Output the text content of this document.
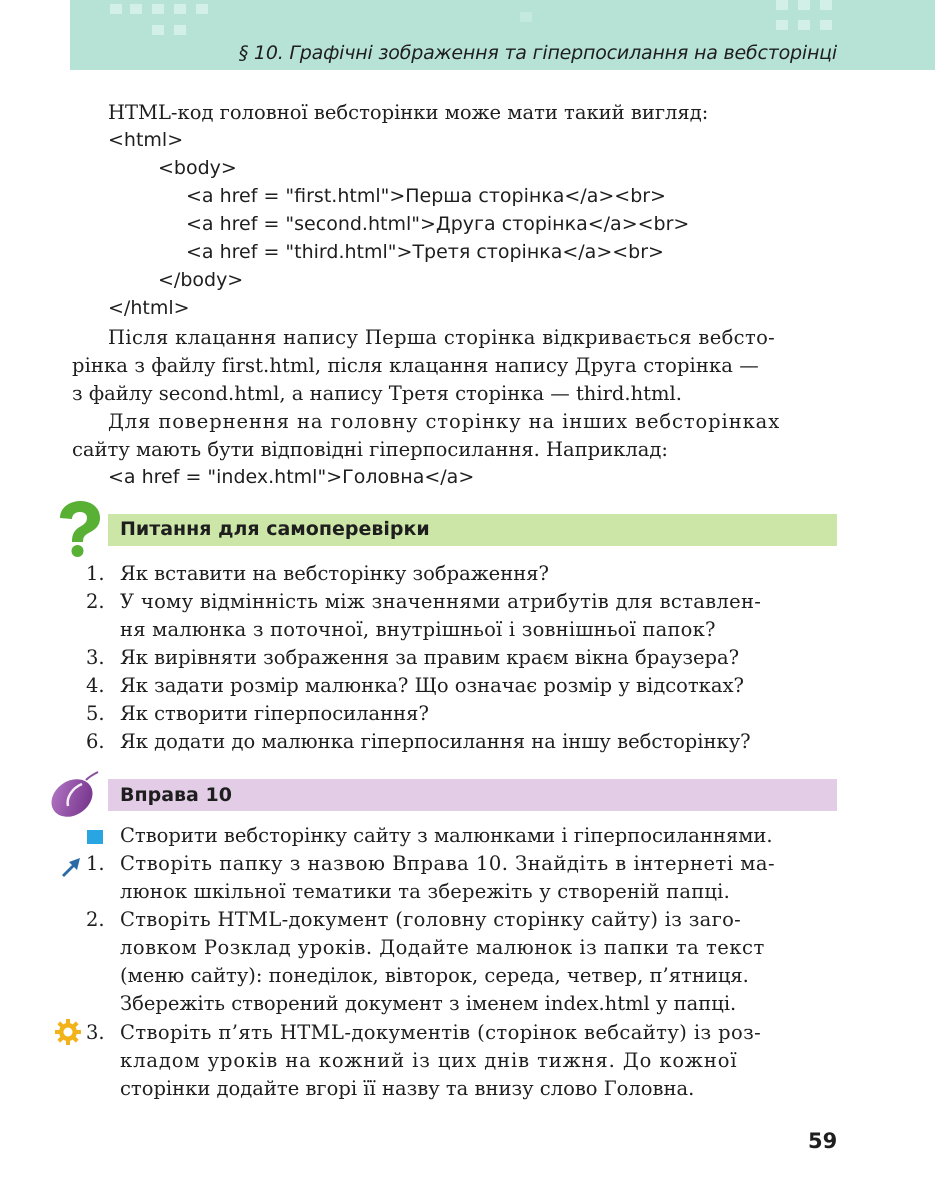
§ 10. Графічні зображення та гіперпосилання на вебсторінці
HTML-код головної вебсторінки може мати такий вигляд:
<html>
<body>
<a href = "first.html">Перша сторінка</a><br>
<a href = "second.html">Друга сторінка</a><br>
<a href = "third.html">Третя сторінка</a><br>
</body>
</html>
Після клацання напису Перша сторінка відкривається вебсто-
рінка з файлу first.html, після клацання напису Друга сторінка —
з файлу second.html, а напису Третя сторінка — third.html.
Для повернення на головну сторінку на інших вебсторінках
сайту мають бути відповідні гіперпосилання. Наприклад:
<a href = "index.html">Головна</a>
Питання для самоперевірки
1. Як вставити на вебсторінку зображення?
2. У чому відмінність між значеннями атрибутів для вставлен-
ня малюнка з поточної, внутрішньої і зовнішньої папок?
3. Як вирівняти зображення за правим краєм вікна браузера?
4. Як задати розмір малюнка? Що означає розмір у відсотках?
5. Як створити гіперпосилання?
6. Як додати до малюнка гіперпосилання на іншу вебсторінку?
Вправа 10
Створити вебсторінку сайту з малюнками і гіперпосиланнями.
1. Створіть папку з назвою Вправа 10. Знайдіть в інтернеті ма-
люнок шкільної тематики та збережіть у створеній папці.
2. Створіть HTML-документ (головну сторінку сайту) із заго-
ловком Розклад уроків. Додайте малюнок із папки та текст
(меню сайту): понеділок, вівторок, середа, четвер, п’ятниця.
Збережіть створений документ з іменем index.html у папці.
3. Створіть п’ять HTML-документів (сторінок вебсайту) із роз-
кладом уроків на кожний із цих днів тижня. До кожної
сторінки додайте вгорі її назву та внизу слово Головна.
59
